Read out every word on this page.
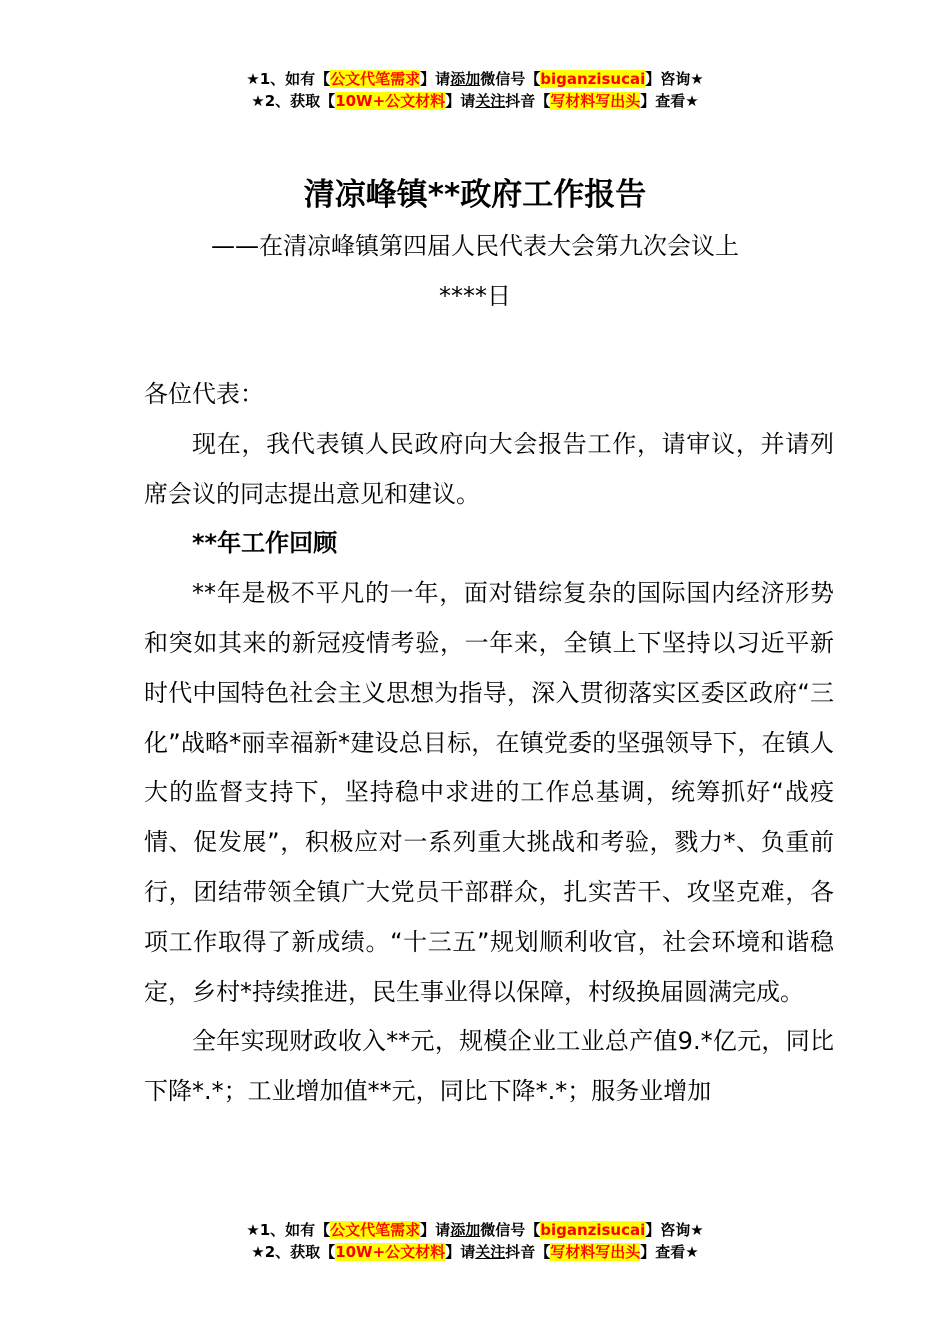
★1、如有【公文代笔需求】请添加微信号【biganzisucai】咨询★
★2、获取【10W+公文材料】请关注抖音【写材料写出头】查看★
清凉峰镇**政府工作报告
——在清凉峰镇第四届人民代表大会第九次会议上
****日

各位代表：

现在，我代表镇人民政府向大会报告工作，请审议，并请列席会议的同志提出意见和建议。

**年工作回顾

**年是极不平凡的一年，面对错综复杂的国际国内经济形势和突如其来的新冠疫情考验，一年来，全镇上下坚持以习近平新时代中国特色社会主义思想为指导，深入贯彻落实区委区政府“三化”战略*丽幸福新*建设总目标，在镇党委的坚强领导下，在镇人大的监督支持下，坚持稳中求进的工作总基调，统筹抓好“战疫情、促发展”，积极应对一系列重大挑战和考验，戮力*、负重前行，团结带领全镇广大党员干部群众，扎实苦干、攻坚克难，各项工作取得了新成绩。“十三五”规划顺利收官，社会环境和谐稳定，乡村*持续推进，民生事业得以保障，村级换届圆满完成。

全年实现财政收入**元，规模企业工业总产值9.*亿元，同比下降*.*；工业增加值**元，同比下降*.*；服务业增加

★1、如有【公文代笔需求】请添加微信号【biganzisucai】咨询★
★2、获取【10W+公文材料】请关注抖音【写材料写出头】查看★
